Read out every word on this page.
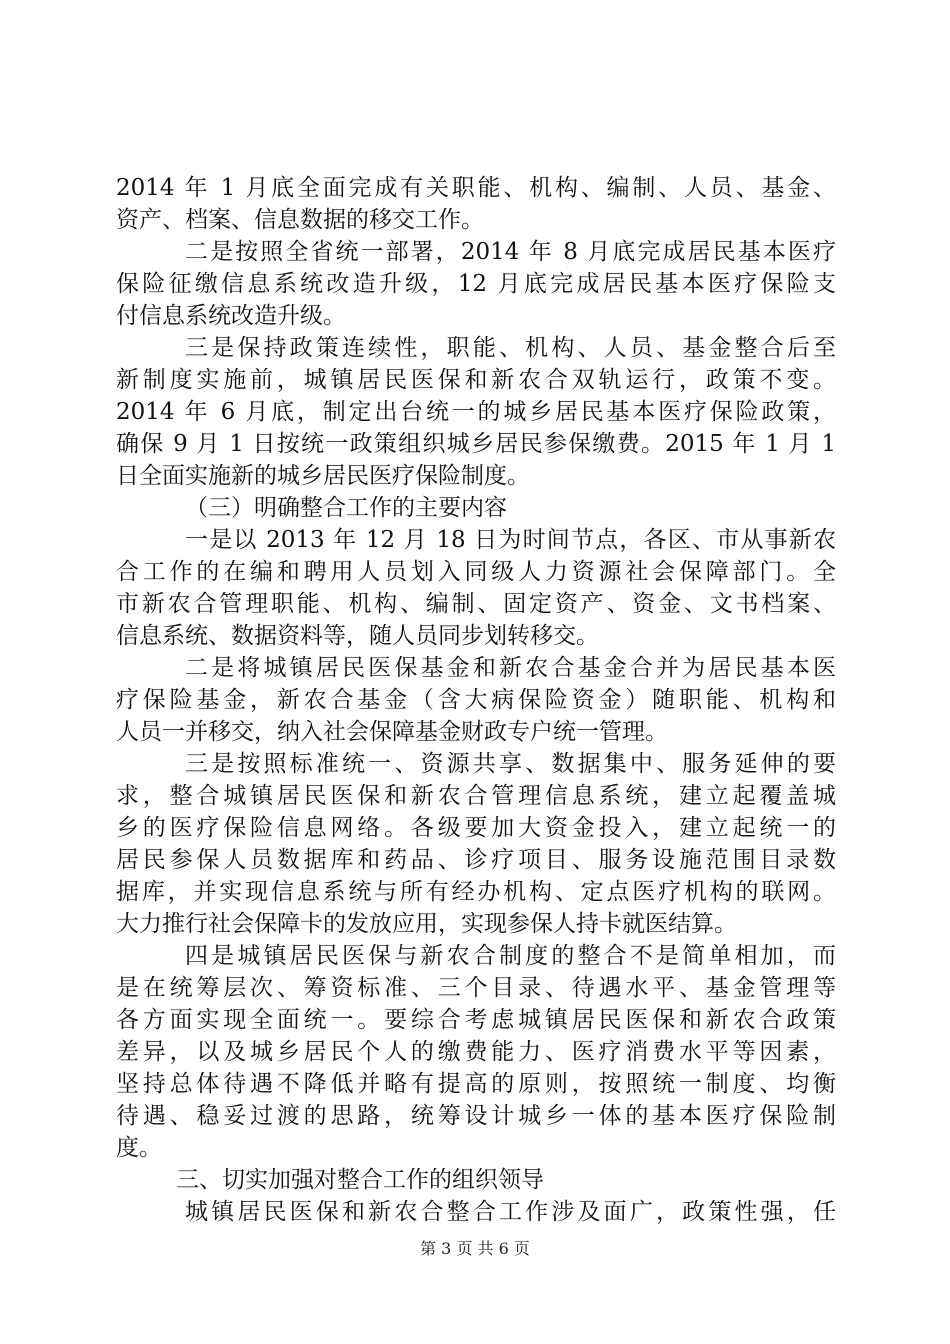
2014 年 1 月底全面完成有关职能、机构、编制、人员、基金、
资产、档案、信息数据的移交工作。
二是按照全省统一部署，2014 年 8 月底完成居民基本医疗
保险征缴信息系统改造升级，12 月底完成居民基本医疗保险支
付信息系统改造升级。
三是保持政策连续性，职能、机构、人员、基金整合后至
新制度实施前，城镇居民医保和新农合双轨运行，政策不变。
2014 年 6 月底，制定出台统一的城乡居民基本医疗保险政策，
确保 9 月 1 日按统一政策组织城乡居民参保缴费。2015 年 1 月 1
日全面实施新的城乡居民医疗保险制度。
（三）明确整合工作的主要内容
一是以 2013 年 12 月 18 日为时间节点，各区、市从事新农
合工作的在编和聘用人员划入同级人力资源社会保障部门。全
市新农合管理职能、机构、编制、固定资产、资金、文书档案、
信息系统、数据资料等，随人员同步划转移交。
二是将城镇居民医保基金和新农合基金合并为居民基本医
疗保险基金，新农合基金（含大病保险资金）随职能、机构和
人员一并移交，纳入社会保障基金财政专户统一管理。
三是按照标准统一、资源共享、数据集中、服务延伸的要
求，整合城镇居民医保和新农合管理信息系统，建立起覆盖城
乡的医疗保险信息网络。各级要加大资金投入，建立起统一的
居民参保人员数据库和药品、诊疗项目、服务设施范围目录数
据库，并实现信息系统与所有经办机构、定点医疗机构的联网。
大力推行社会保障卡的发放应用，实现参保人持卡就医结算。
四是城镇居民医保与新农合制度的整合不是简单相加，而
是在统筹层次、筹资标准、三个目录、待遇水平、基金管理等
各方面实现全面统一。要综合考虑城镇居民医保和新农合政策
差异，以及城乡居民个人的缴费能力、医疗消费水平等因素，
坚持总体待遇不降低并略有提高的原则，按照统一制度、均衡
待遇、稳妥过渡的思路，统筹设计城乡一体的基本医疗保险制
度。
三、切实加强对整合工作的组织领导
城镇居民医保和新农合整合工作涉及面广，政策性强，任
第 3 页 共 6 页
